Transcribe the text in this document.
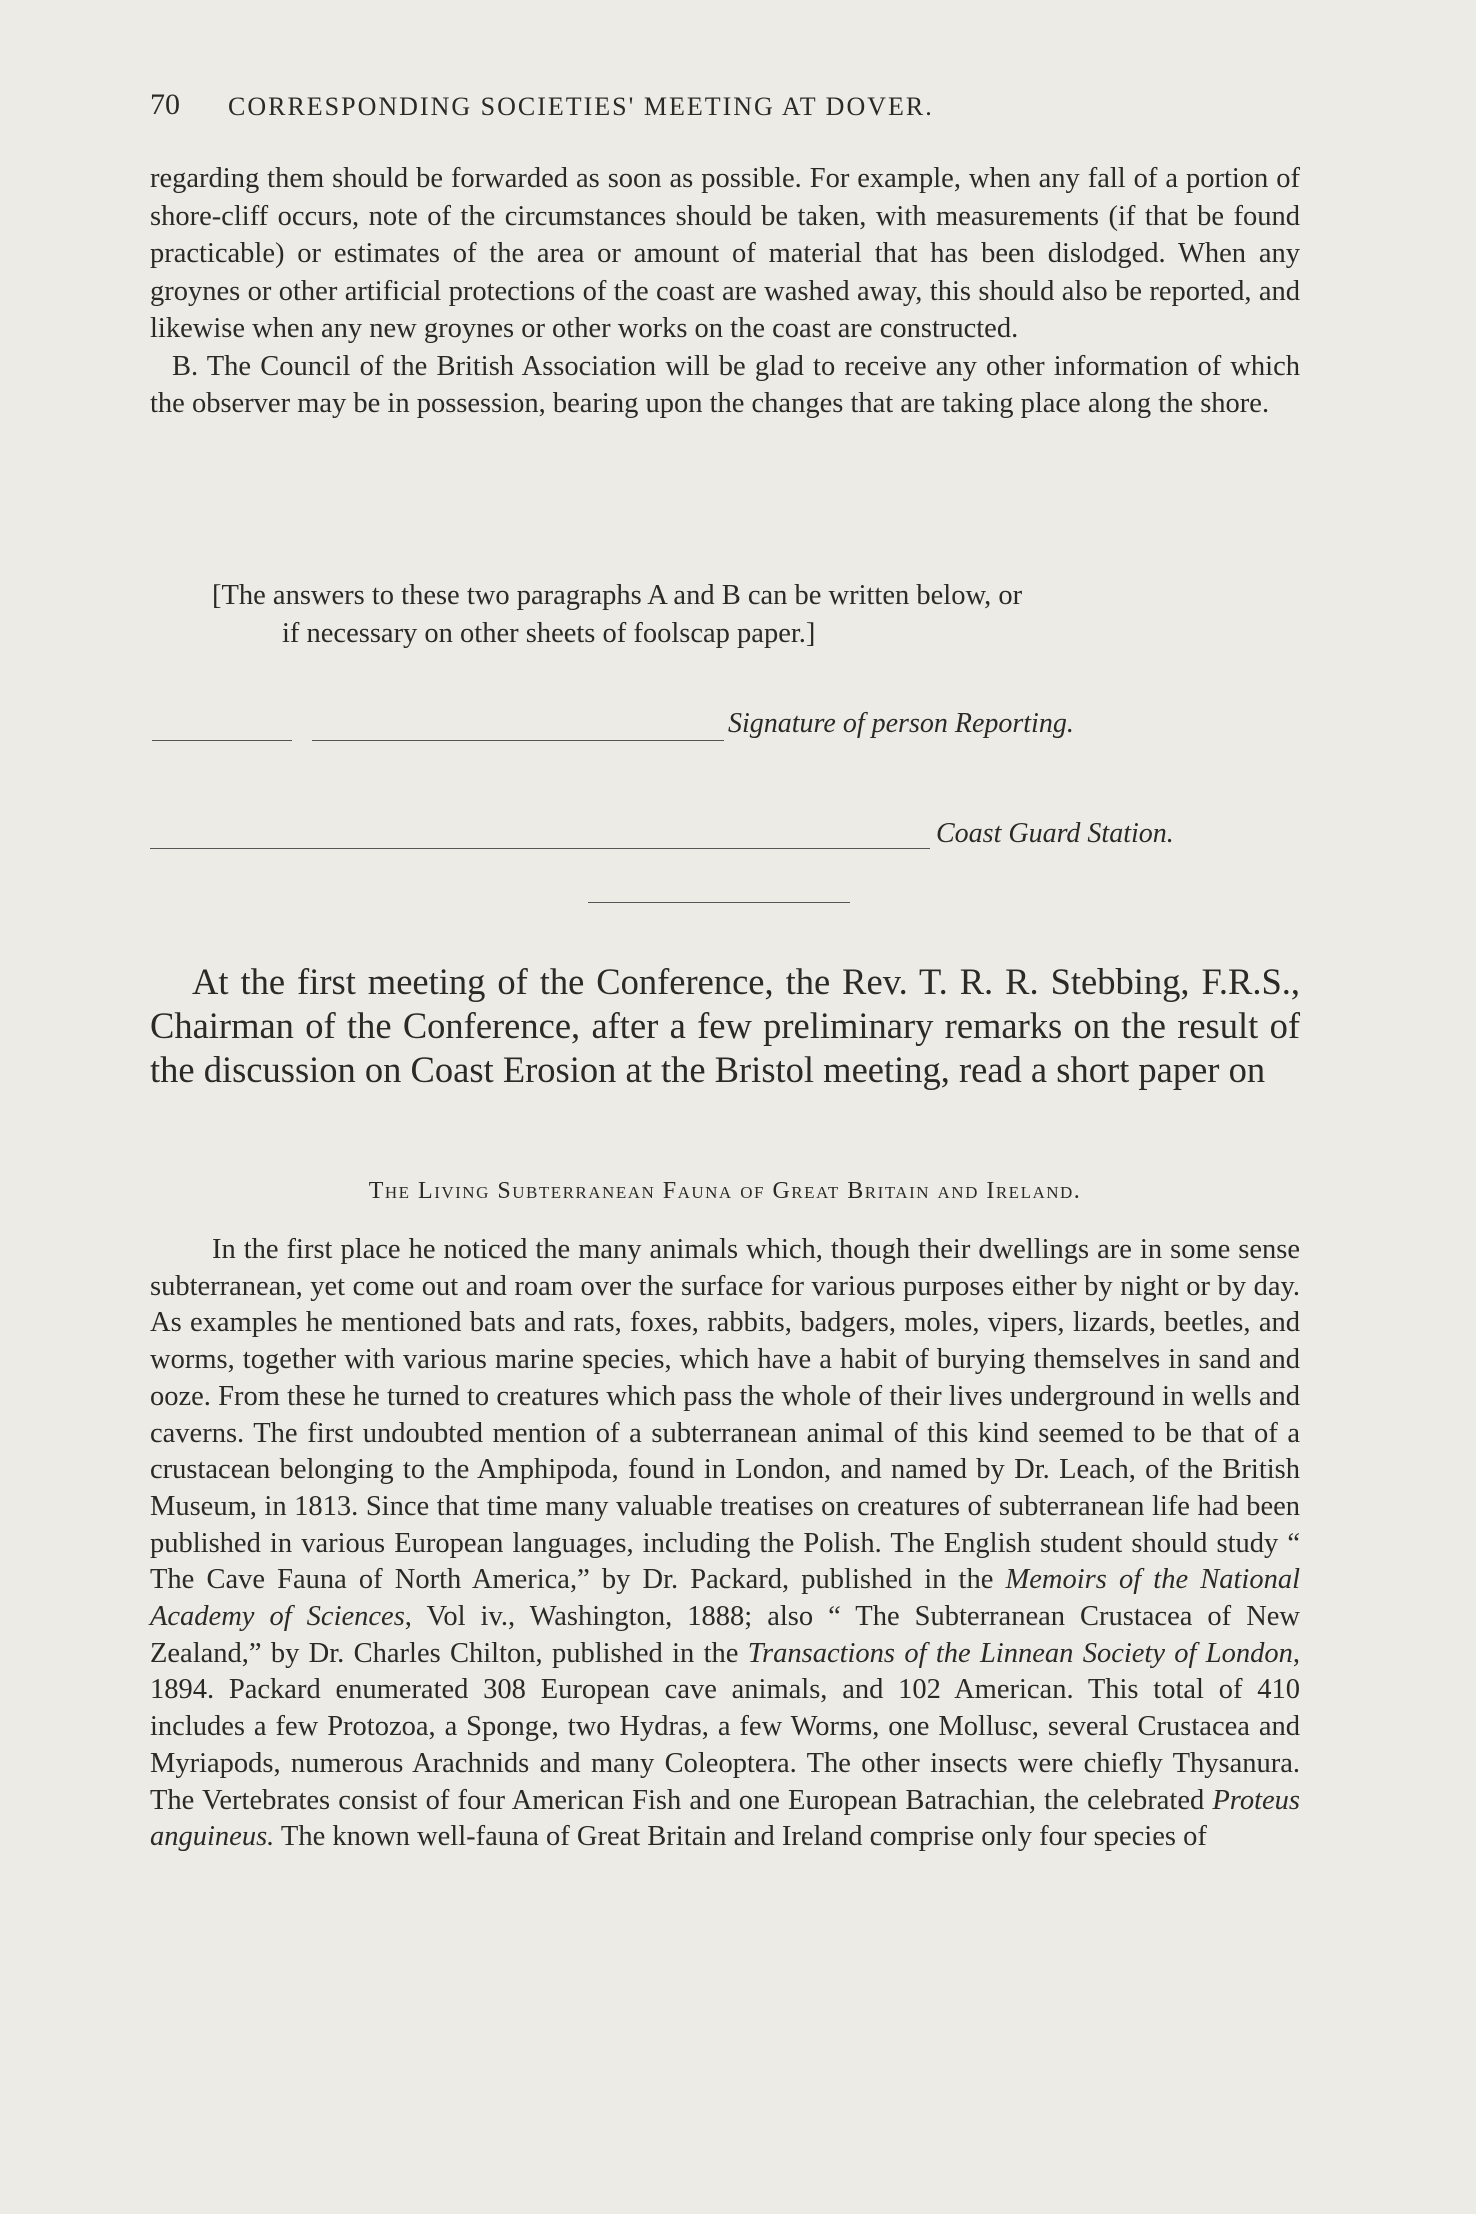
70 CORRESPONDING SOCIETIES' MEETING AT DOVER.

regarding them should be forwarded as soon as possible. For example, when any fall of a portion of shore-cliff occurs, note of the circumstances should be taken, with measurements (if that be found practicable) or estimates of the area or amount of material that has been dislodged. When any groynes or other artificial protections of the coast are washed away, this should also be reported, and likewise when any new groynes or other works on the coast are constructed.

B. The Council of the British Association will be glad to receive any other information of which the observer may be in possession, bearing upon the changes that are taking place along the shore.

[The answers to these two paragraphs A and B can be written below, or

if necessary on other sheets of foolscap paper.]

Signature of person Reporting.
Coast Guard Station.

At the first meeting of the Conference, the Rev. T. R. R. Stebbing, F.R.S., Chairman of the Conference, after a few preliminary remarks on the result of the discussion on Coast Erosion at the Bristol meeting, read a short paper on

The Living Subterranean Fauna of Great Britain and Ireland.

In the first place he noticed the many animals which, though their dwellings are in some sense subterranean, yet come out and roam over the surface for various purposes either by night or by day. As examples he mentioned bats and rats, foxes, rabbits, badgers, moles, vipers, lizards, beetles, and worms, together with various marine species, which have a habit of burying themselves in sand and ooze. From these he turned to creatures which pass the whole of their lives underground in wells and caverns. The first undoubted mention of a subterranean animal of this kind seemed to be that of a crustacean belonging to the Amphipoda, found in London, and named by Dr. Leach, of the British Museum, in 1813. Since that time many valuable treatises on creatures of subterranean life had been published in various European languages, including the Polish. The English student should study “ The Cave Fauna of North America,” by Dr. Packard, published in the Memoirs of the National Academy of Sciences, Vol iv., Washington, 1888; also “ The Subterranean Crustacea of New Zealand,” by Dr. Charles Chilton, published in the Transactions of the Linnean Society of London, 1894. Packard enumerated 308 European cave animals, and 102 American. This total of 410 includes a few Protozoa, a Sponge, two Hydras, a few Worms, one Mollusc, several Crustacea and Myriapods, numerous Arachnids and many Coleoptera. The other insects were chiefly Thysanura. The Vertebrates consist of four American Fish and one European Batrachian, the celebrated Proteus anguineus. The known well-fauna of Great Britain and Ireland comprise only four species of
